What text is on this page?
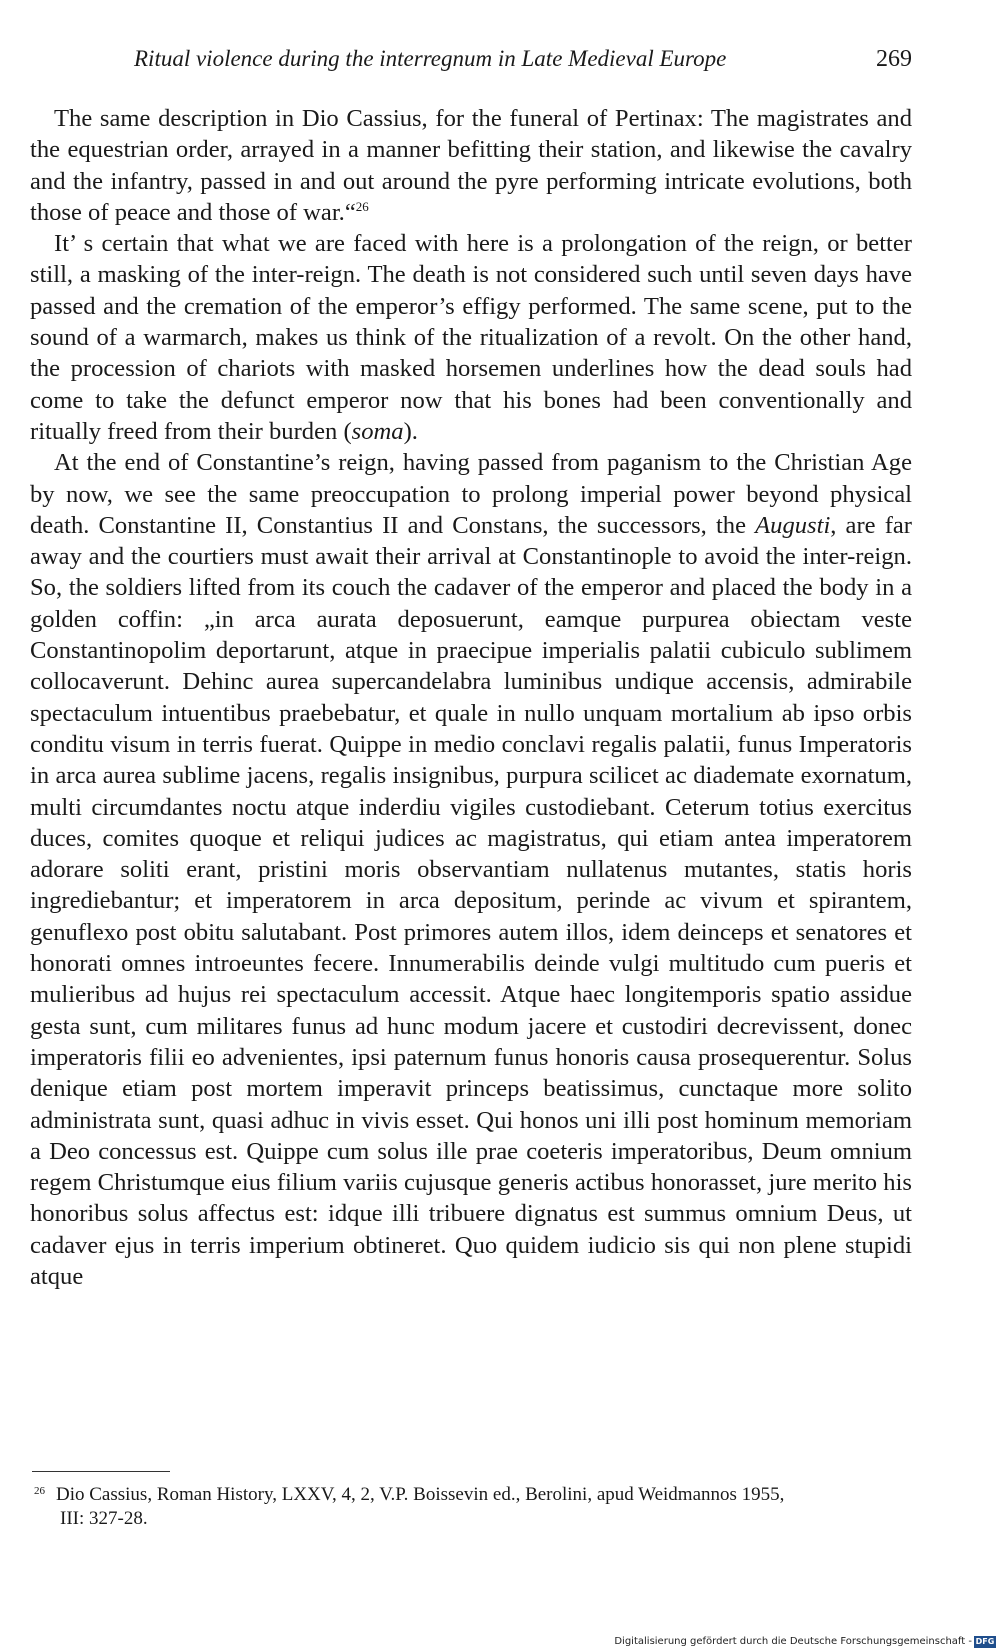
Ritual violence during the interregnum in Late Medieval Europe	269

The same description in Dio Cassius, for the funeral of Pertinax: The magistrates and the equestrian order, arrayed in a manner befitting their station, and likewise the cavalry and the infantry, passed in and out around the pyre performing intricate evolutions, both those of peace and those of war.“$^{26}$

It’ s certain that what we are faced with here is a prolongation of the reign, or better still, a masking of the inter-reign. The death is not considered such until seven days have passed and the cremation of the emperor’s effigy performed. The same scene, put to the sound of a warmarch, makes us think of the ritualization of a revolt. On the other hand, the procession of chariots with masked horsemen underlines how the dead souls had come to take the defunct emperor now that his bones had been conventionally and ritually freed from their burden (soma).

At the end of Constantine’s reign, having passed from paganism to the Christian Age by now, we see the same preoccupation to prolong imperial power beyond physical death. Constantine II, Constantius II and Constans, the successors, the Augusti, are far away and the courtiers must await their arrival at Constantinople to avoid the inter-reign. So, the soldiers lifted from its couch the cadaver of the emperor and placed the body in a golden coffin: „in arca aurata deposuerunt, eamque purpurea obiectam veste Constantinopolim deportarunt, atque in praecipue imperialis palatii cubiculo sublimem collocaverunt. Dehinc aurea supercandelabra luminibus undique accensis, admirabile spectaculum intuentibus praebebatur, et quale in nullo unquam mortalium ab ipso orbis conditu visum in terris fuerat. Quippe in medio conclavi regalis palatii, funus Imperatoris in arca aurea sublime jacens, regalis insignibus, purpura scilicet ac diademate exornatum, multi circumdantes noctu atque inderdiu vigiles custodiebant. Ceterum totius exercitus duces, comites quoque et reliqui judices ac magistratus, qui etiam antea imperatorem adorare soliti erant, pristini moris observantiam nullatenus mutantes, statis horis ingrediebantur; et imperatorem in arca depositum, perinde ac vivum et spirantem, genuflexo post obitu salutabant. Post primores autem illos, idem deinceps et senatores et honorati omnes introeuntes fecere. Innumerabilis deinde vulgi multitudo cum pueris et mulieribus ad hujus rei spectaculum accessit. Atque haec longitemporis spatio assidue gesta sunt, cum militares funus ad hunc modum jacere et custodiri decrevissent, donec imperatoris filii eo advenientes, ipsi paternum funus honoris causa prosequerentur. Solus denique etiam post mortem imperavit princeps beatissimus, cunctaque more solito administrata sunt, quasi adhuc in vivis esset. Qui honos uni illi post hominum memoriam a Deo concessus est. Quippe cum solus ille prae coeteris imperatoribus, Deum omnium regem Christumque eius filium variis cujusque generis actibus honorasset, jure merito his honoribus solus affectus est: idque illi tribuere dignatus est summus omnium Deus, ut cadaver ejus in terris imperium obtineret. Quo quidem iudicio sis qui non plene stupidi atque

26 Dio Cassius, Roman History, LXXV, 4, 2, V.P. Boissevin ed., Berolini, apud Weidmannos 1955,
III: 327-28.
Digitalisierung gefördert durch die Deutsche Forschungsgemeinschaft - DFG
